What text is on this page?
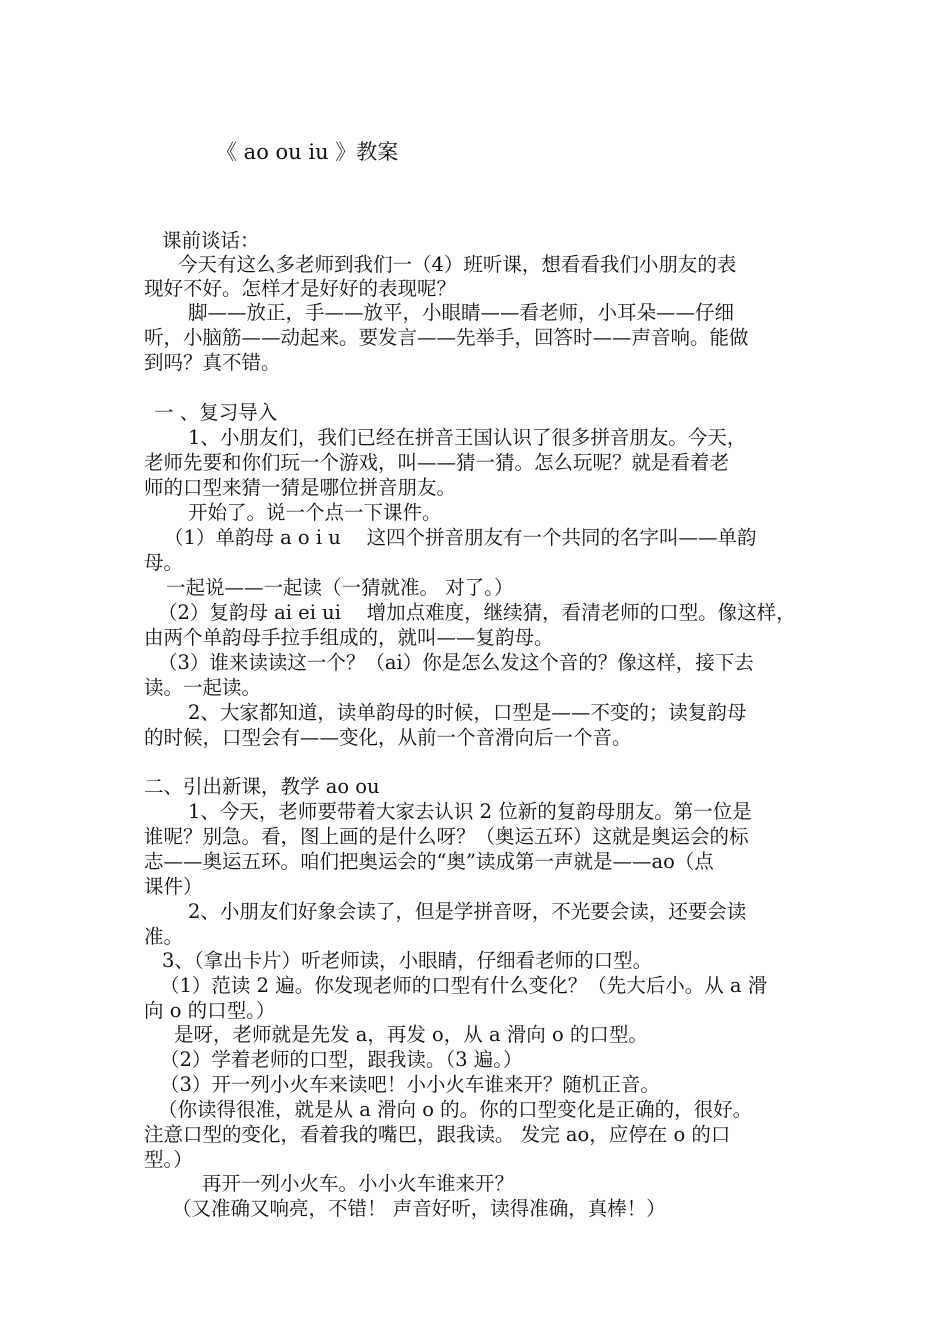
《 ao ou iu 》教案
课前谈话：
今天有这么多老师到我们一（4）班听课，想看看我们小朋友的表
现好不好。怎样才是好好的表现呢？
脚——放正，手——放平，小眼睛——看老师，小耳朵——仔细
听，小脑筋——动起来。要发言——先举手，回答时——声音响。能做
到吗？真不错。
一 、复习导入
1、小朋友们，我们已经在拼音王国认识了很多拼音朋友。今天，
老师先要和你们玩一个游戏，叫——猜一猜。怎么玩呢？就是看着老
师的口型来猜一猜是哪位拼音朋友。
开始了。说一个点一下课件。
（1）单韵母 a o i u　 这四个拼音朋友有一个共同的名字叫——单韵
母。
一起说——一起读（一猜就准。 对了。）
（2）复韵母 ai ei ui　 增加点难度，继续猜，看清老师的口型。像这样，
由两个单韵母手拉手组成的，就叫——复韵母。
（3）谁来读读这一个？（ai）你是怎么发这个音的？像这样，接下去
读。一起读。
2、大家都知道，读单韵母的时候，口型是——不变的；读复韵母
的时候，口型会有——变化，从前一个音滑向后一个音。
二、引出新课，教学 ao ou
1、今天，老师要带着大家去认识 2 位新的复韵母朋友。第一位是
谁呢？别急。看，图上画的是什么呀？（奥运五环）这就是奥运会的标
志——奥运五环。咱们把奥运会的“奥”读成第一声就是——ao（点
课件）
2、小朋友们好象会读了，但是学拼音呀，不光要会读，还要会读
准。
3、（拿出卡片）听老师读，小眼睛，仔细看老师的口型。
（1）范读 2 遍。你发现老师的口型有什么变化？（先大后小。从 a 滑
向 o 的口型。）
是呀，老师就是先发 a，再发 o，从 a 滑向 o 的口型。
（2）学着老师的口型，跟我读。（3 遍。）
（3）开一列小火车来读吧！小小火车谁来开？随机正音。
（你读得很准，就是从 a 滑向 o 的。你的口型变化是正确的，很好。
注意口型的变化，看着我的嘴巴，跟我读。 发完 ao，应停在 o 的口
型。）
再开一列小火车。小小火车谁来开？
（又准确又响亮，不错！ 声音好听，读得准确，真棒！）
